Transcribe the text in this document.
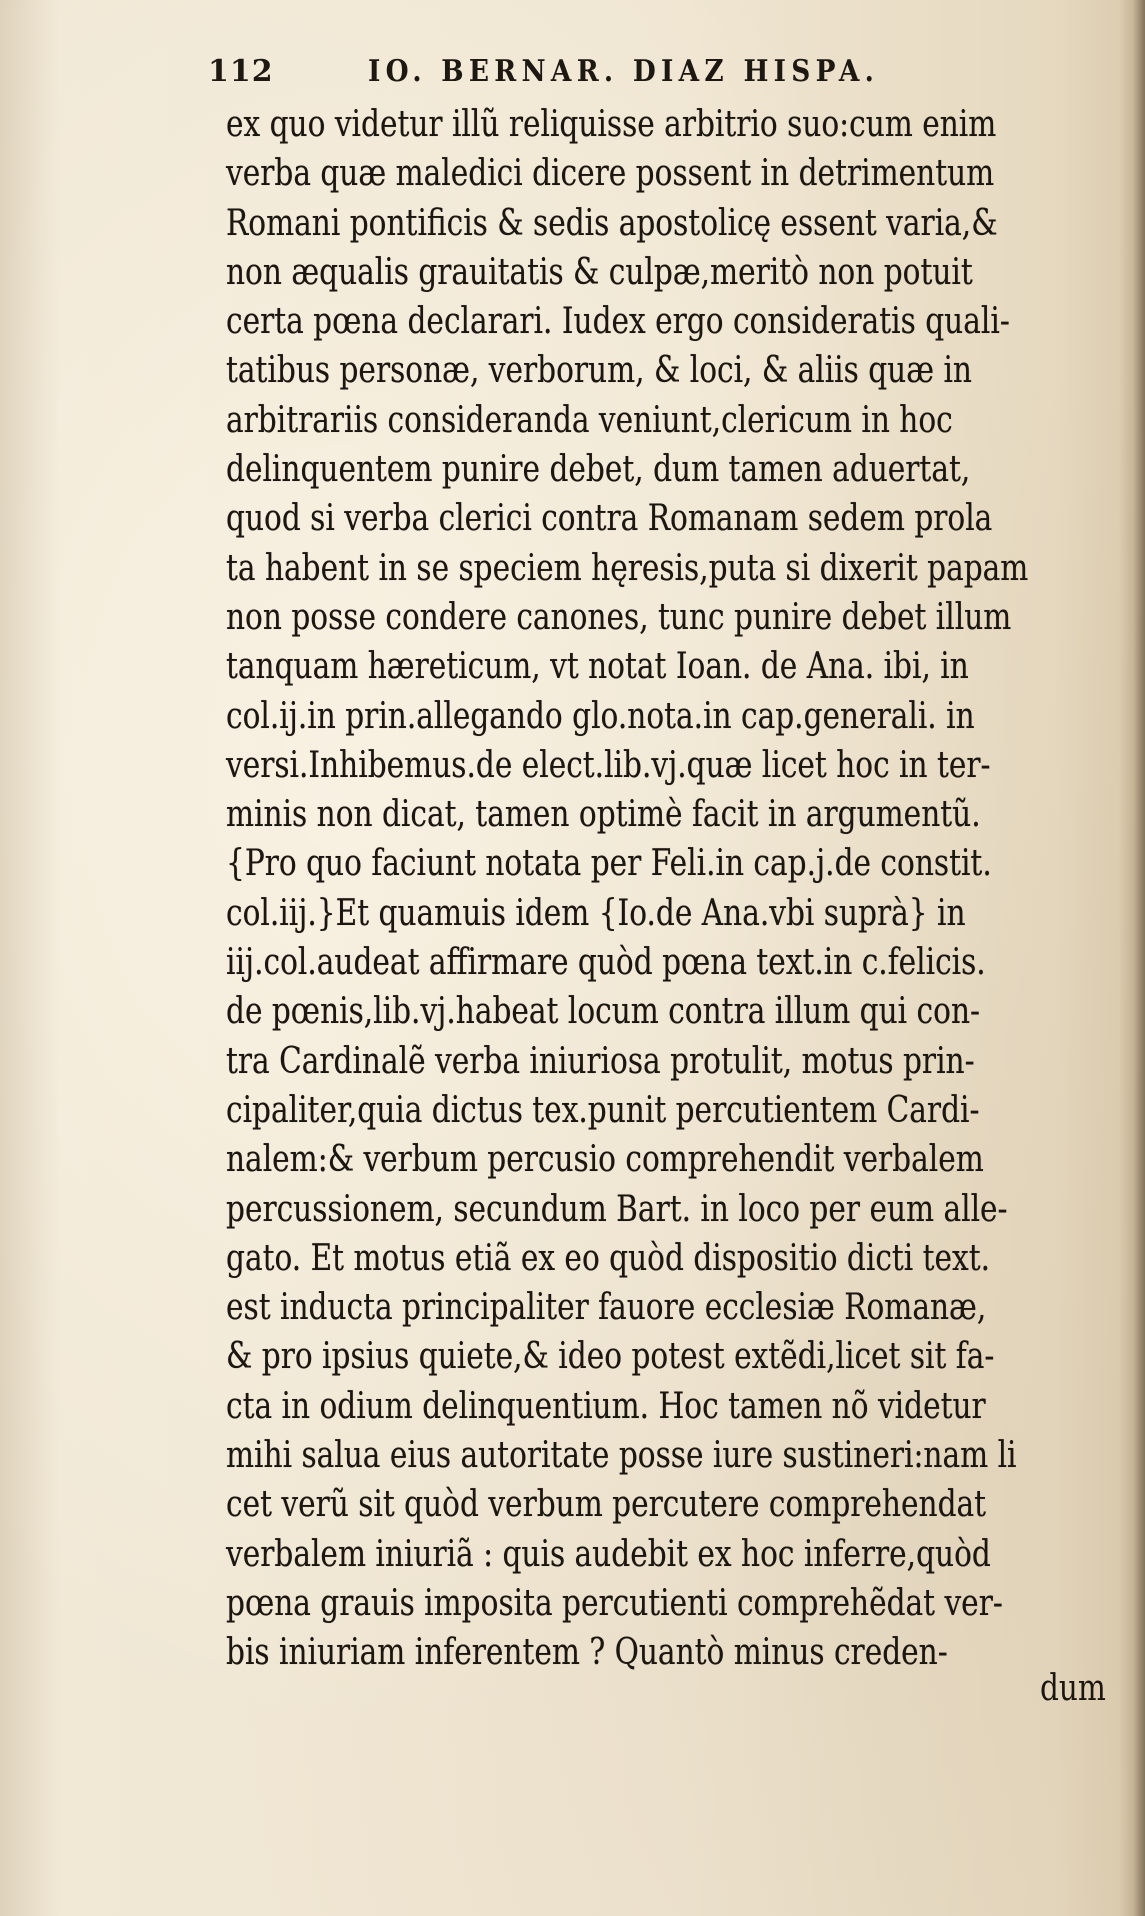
112	IO. BERNAR. DIAZ HISPA.
ex quo videtur illũ reliquisse arbitrio suo:cum enim
verba quæ maledici dicere possent in detrimentum
Romani pontificis & sedis apostolicę essent varia,&
non æqualis grauitatis & culpæ,meritò non potuit
certa pœna declarari. Iudex ergo consideratis quali-
tatibus personæ, verborum, & loci, & aliis quæ in
arbitrariis consideranda veniunt,clericum in hoc
delinquentem punire debet, dum tamen aduertat,
quod si verba clerici contra Romanam sedem prola
ta habent in se speciem hęresis,puta si dixerit papam
non posse condere canones, tunc punire debet illum
tanquam hæreticum, vt notat Ioan. de Ana. ibi, in
col.ij.in prin.allegando glo.nota.in cap.generali. in
versi.Inhibemus.de elect.lib.vj.quæ licet hoc in ter-
minis non dicat, tamen optimè facit in argumentũ.
{Pro quo faciunt notata per Feli.in cap.j.de constit.
col.iij.}Et quamuis idem {Io.de Ana.vbi suprà} in
iij.col.audeat affirmare quòd pœna text.in c.felicis.
de pœnis,lib.vj.habeat locum contra illum qui con-
tra Cardinalẽ verba iniuriosa protulit, motus prin-
cipaliter,quia dictus tex.punit percutientem Cardi-
nalem:& verbum percusio comprehendit verbalem
percussionem, secundum Bart. in loco per eum alle-
gato. Et motus etiã ex eo quòd dispositio dicti text.
est inducta principaliter fauore ecclesiæ Romanæ,
& pro ipsius quiete,& ideo potest extẽdi,licet sit fa-
cta in odium delinquentium. Hoc tamen nõ videtur
mihi salua eius autoritate posse iure sustineri:nam li
cet verũ sit quòd verbum percutere comprehendat
verbalem iniuriã : quis audebit ex hoc inferre,quòd
pœna grauis imposita percutienti comprehẽdat ver-
bis iniuriam inferentem ? Quantò minus creden-
dum
